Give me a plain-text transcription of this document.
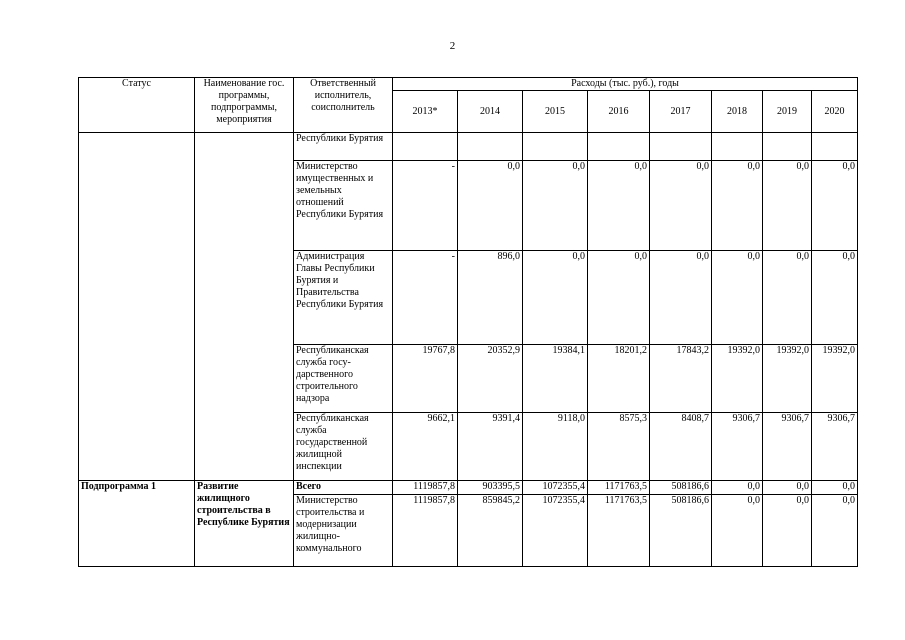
2
Статус	Наименование гос. программы, подпрограммы, мероприятия	Ответственный исполнитель, соисполнитель	Расходы (тыс. руб.), годы							
			2013*	2014	2015	2016	2017	2018	2019	2020
		Республики Бурятия								
		Министерство имущественных и земельных отношений Республики Бурятия	-	0,0	0,0	0,0	0,0	0,0	0,0	0,0
		Администрация Главы Республики Бурятия и Правительства Республики Бурятия	-	896,0	0,0	0,0	0,0	0,0	0,0	0,0
		Республиканская служба госу-дарственного строительного надзора	19767,8	20352,9	19384,1	18201,2	17843,2	19392,0	19392,0	19392,0
		Республиканская служба государственной жилищной инспекции	9662,1	9391,4	9118,0	8575,3	8408,7	9306,7	9306,7	9306,7
Подпрограмма 1	Развитие жилищного строительства в Республике Бурятия	Всего	1119857,8	903395,5	1072355,4	1171763,5	508186,6	0,0	0,0	0,0
		Министерство строительства и модернизации жилищно-коммунального	1119857,8	859845,2	1072355,4	1171763,5	508186,6	0,0	0,0	0,0
